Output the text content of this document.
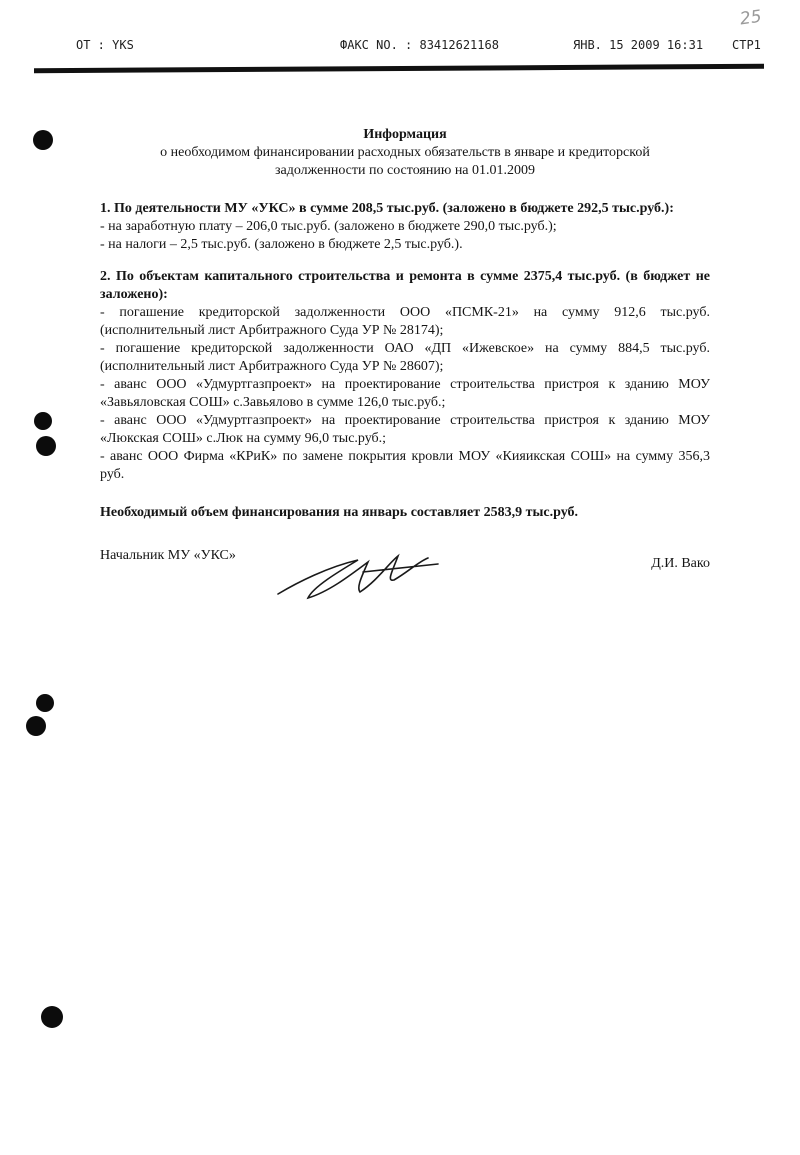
OT : YKS	ФАКС NO. : 83412621168	ЯНВ. 15 2009 16:31 СТР1
25

Информация

о необходимом финансировании расходных обязательств в январе и кредиторской

задолженности по состоянию на 01.01.2009

1. По деятельности МУ «УКС» в сумме 208,5 тыс.руб. (заложено в бюджете 292,5 тыс.руб.):

- на заработную плату – 206,0 тыс.руб. (заложено в бюджете 290,0 тыс.руб.);

- на налоги – 2,5 тыс.руб. (заложено в бюджете 2,5 тыс.руб.).

2. По объектам капитального строительства и ремонта в сумме 2375,4 тыс.руб. (в бюджет не заложено):

- погашение кредиторской задолженности ООО «ПСМК-21» на сумму 912,6 тыс.руб. (исполнительный лист Арбитражного Суда УР № 28174);

- погашение кредиторской задолженности ОАО «ДП «Ижевское» на сумму 884,5 тыс.руб. (исполнительный лист Арбитражного Суда УР № 28607);

- аванс ООО «Удмуртгазпроект» на проектирование строительства пристроя к зданию МОУ «Завьяловская СОШ» с.Завьялово в сумме 126,0 тыс.руб.;

- аванс ООО «Удмуртгазпроект» на проектирование строительства пристроя к зданию МОУ «Люкская СОШ» с.Люк на сумму 96,0 тыс.руб.;

- аванс ООО Фирма «КРиК» по замене покрытия кровли МОУ «Кияикская СОШ» на сумму 356,3 руб.

Необходимый объем финансирования на январь составляет 2583,9 тыс.руб.

Начальник МУ «УКС»
Д.И. Вако
